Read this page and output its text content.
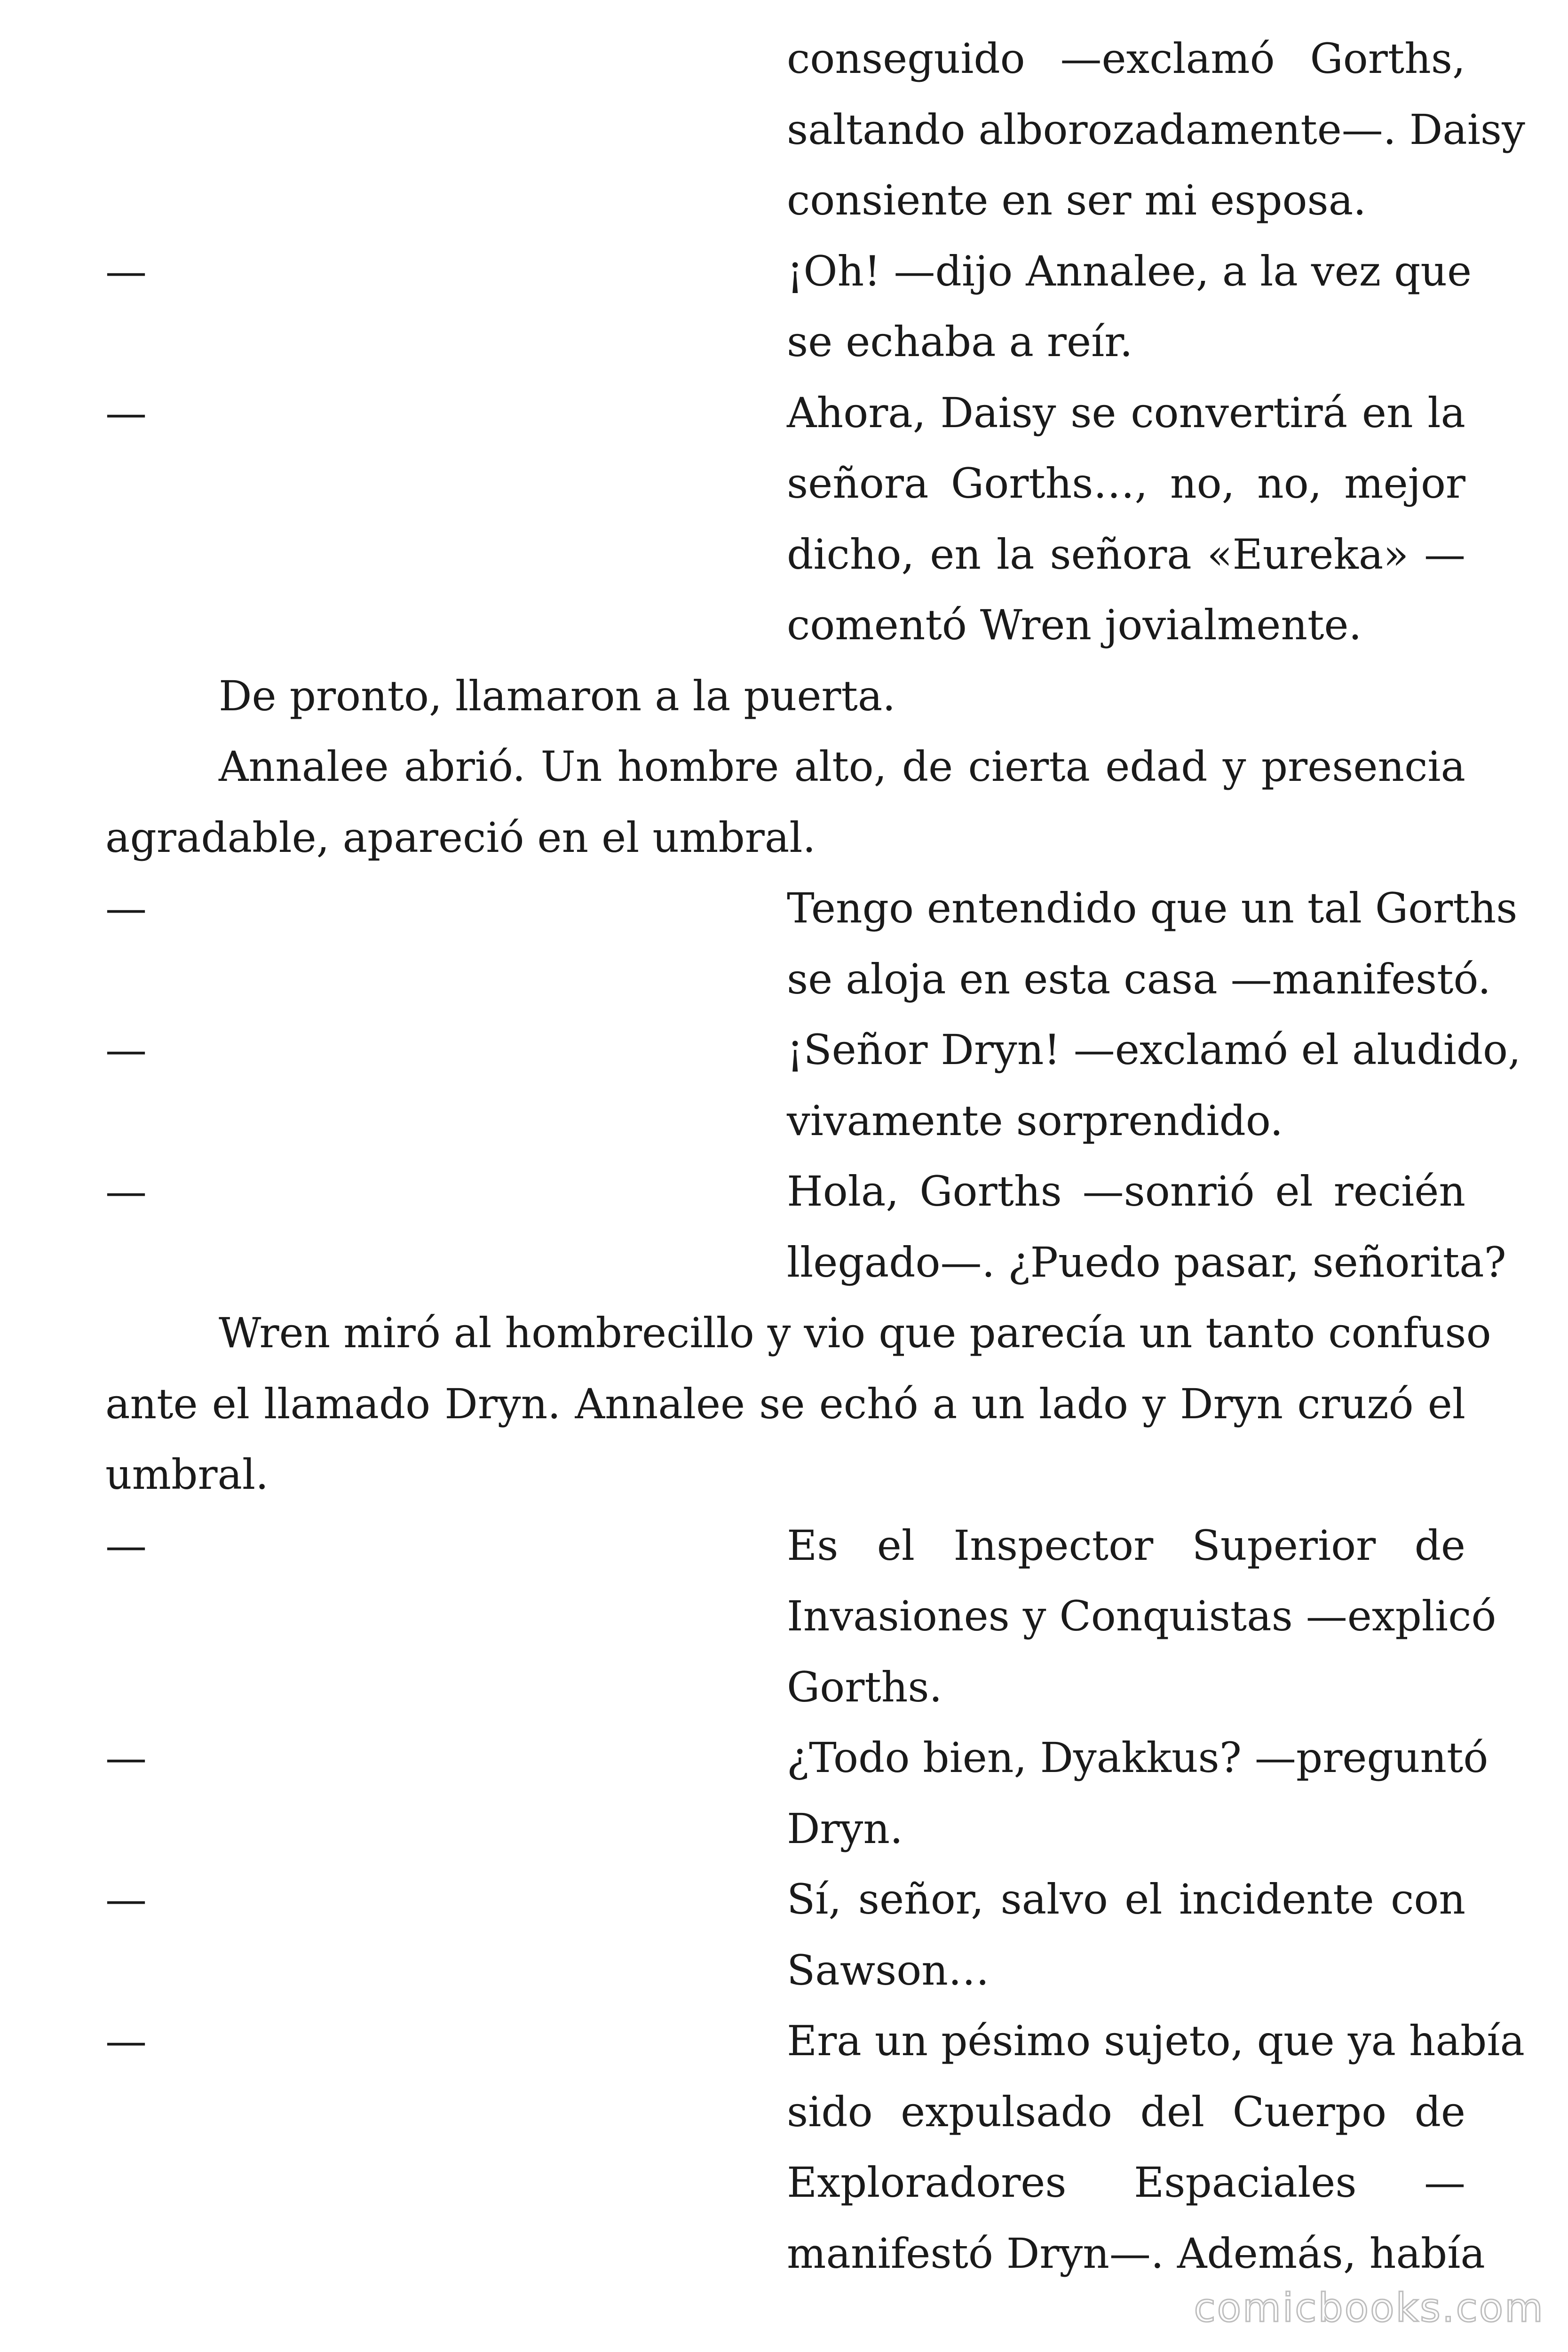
conseguido —exclamó Gorths,
saltando alborozadamente—. Daisy
consiente en ser mi esposa.
—	¡Oh! —dijo Annalee, a la vez que
se echaba a reír.
—	Ahora, Daisy se convertirá en la
señora Gorths…, no, no, mejor
dicho, en la señora «Eureka» —
comentó Wren jovialmente.
De pronto, llamaron a la puerta.
Annalee abrió. Un hombre alto, de cierta edad y presencia
agradable, apareció en el umbral.
—	Tengo entendido que un tal Gorths
se aloja en esta casa —manifestó.
—	¡Señor Dryn! —exclamó el aludido,
vivamente sorprendido.
—	Hola, Gorths —sonrió el recién
llegado—. ¿Puedo pasar, señorita?
Wren miró al hombrecillo y vio que parecía un tanto confuso
ante el llamado Dryn. Annalee se echó a un lado y Dryn cruzó el
umbral.
—	Es el Inspector Superior de
Invasiones y Conquistas —explicó
Gorths.
—	¿Todo bien, Dyakkus? —preguntó
Dryn.
—	Sí, señor, salvo el incidente con
Sawson…
—	Era un pésimo sujeto, que ya había
sido expulsado del Cuerpo de
Exploradores Espaciales —
manifestó Dryn—. Además, había
comicbooks.com
